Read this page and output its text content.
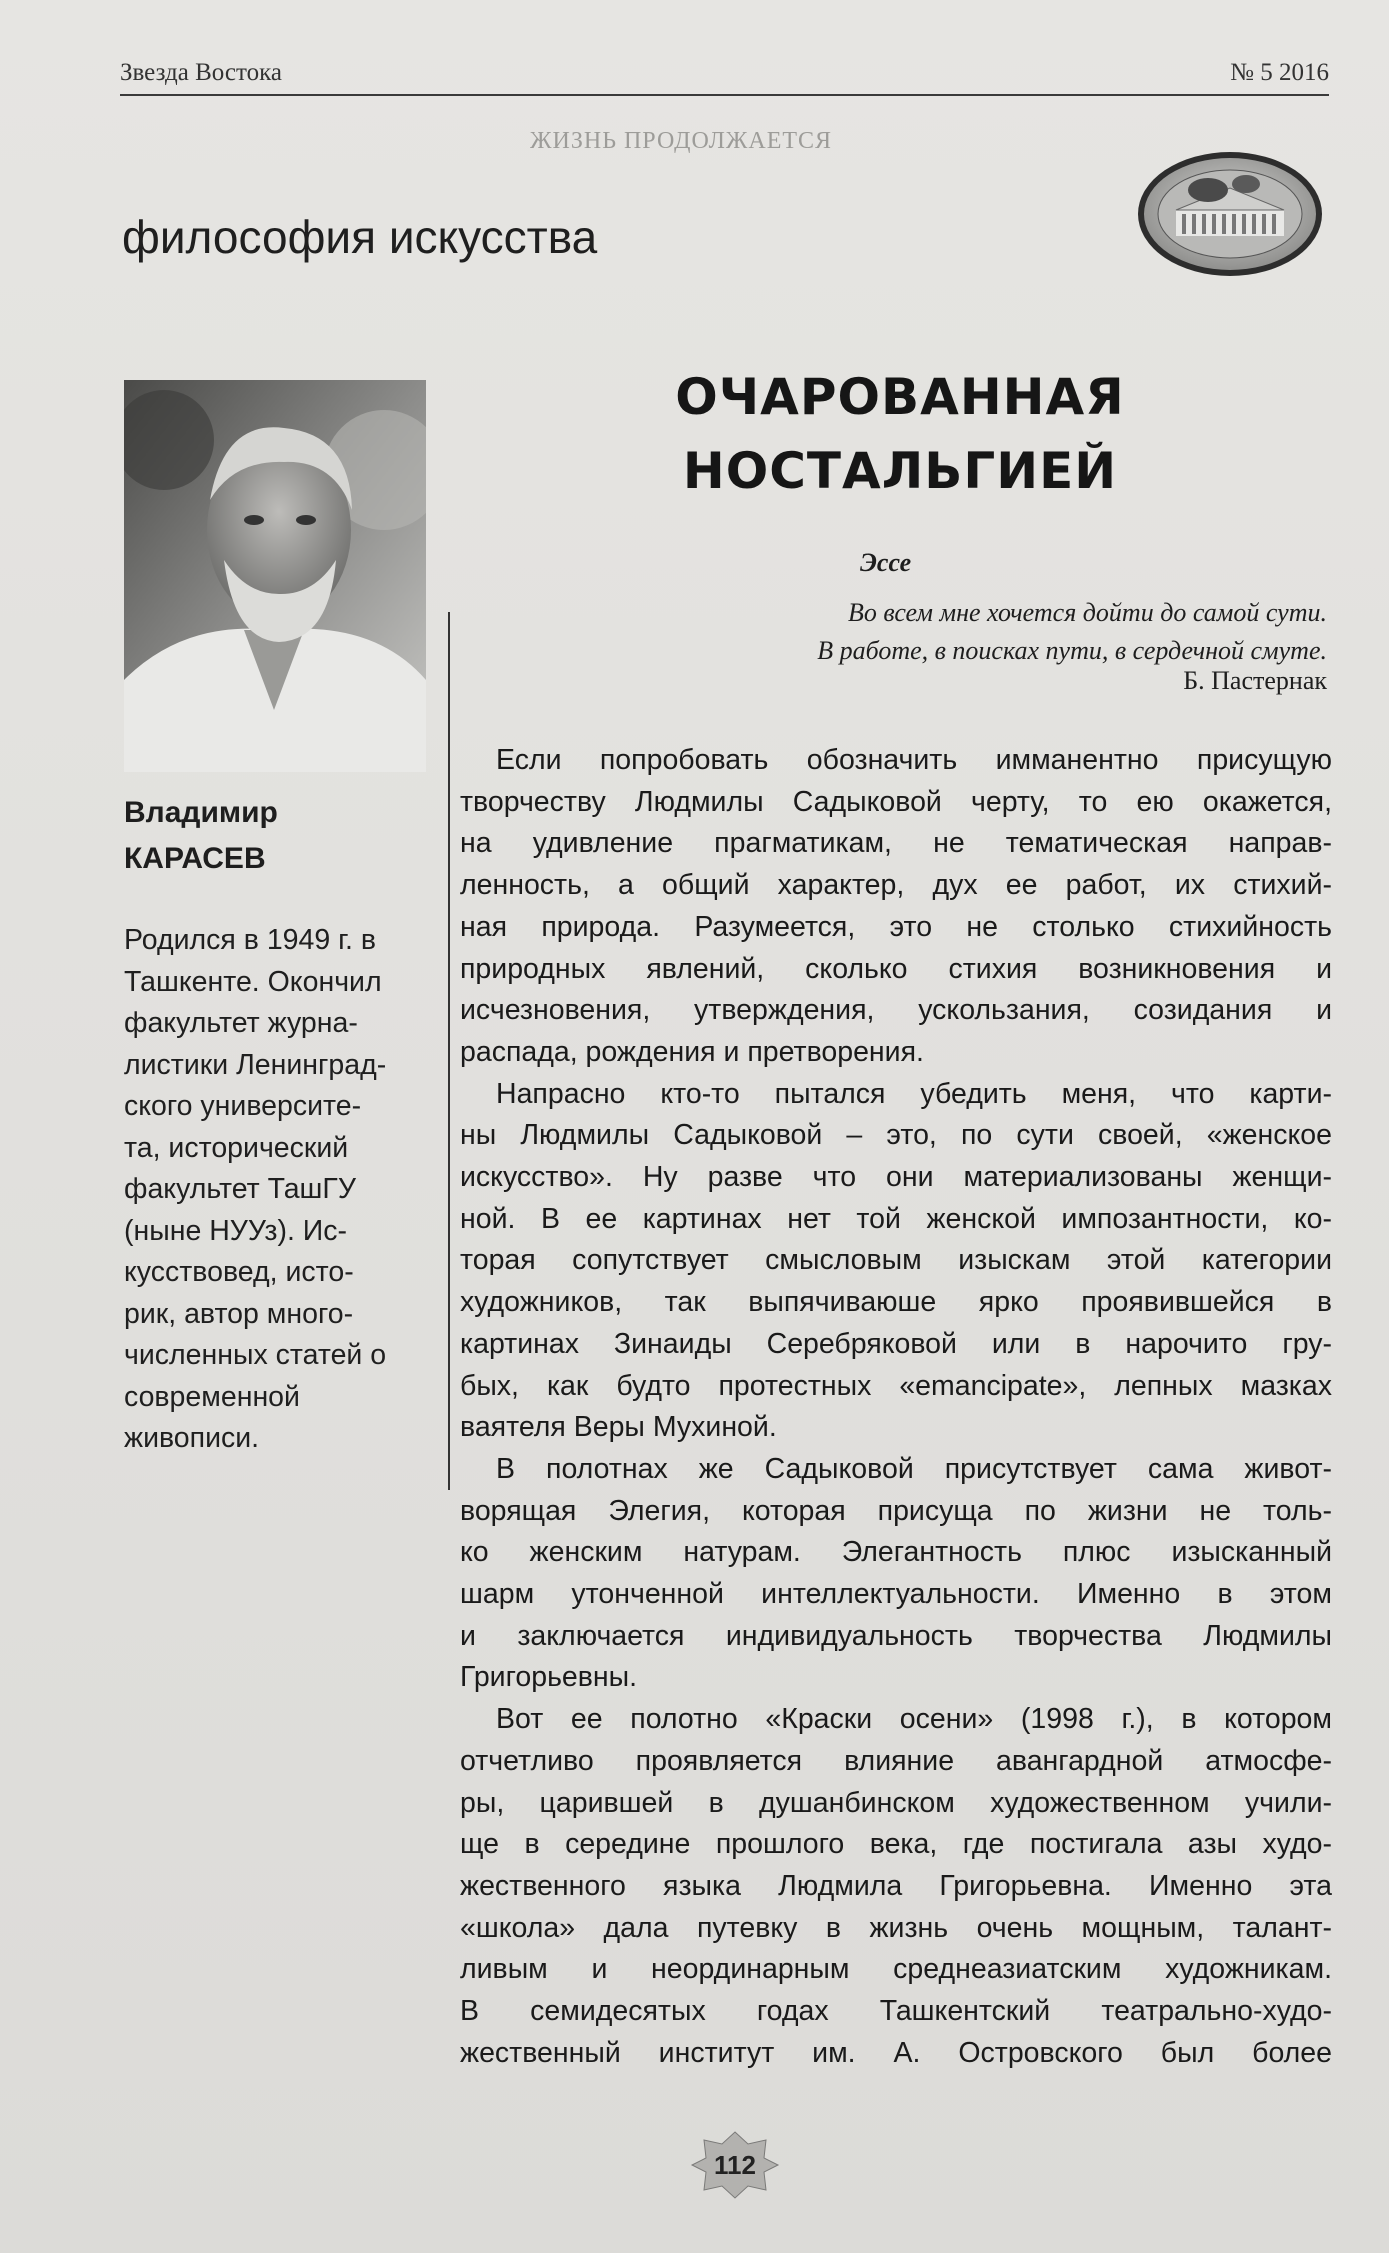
Звезда Востока	№ 5 2016
ЖИЗНЬ ПРОДОЛЖАЕТСЯ
философия искусства
ОЧАРОВАННАЯ
НОСТАЛЬГИЕЙ
Эссе
Во всем мне хочется дойти до самой сути.
В работе, в поисках пути, в сердечной смуте.
Б. Пастернак
Владимир
КАРАСЕВ
Родился в 1949 г. в
Ташкенте. Окончил
факультет журна-
листики Ленинград-
ского университе-
та, исторический
факультет ТашГУ
(ныне НУУз). Ис-
кусствовед, исто-
рик, автор много-
численных статей о
современной
живописи.
Если попробовать обозначить имманентно присущую
творчеству Людмилы Садыковой черту, то ею окажется,
на удивление прагматикам, не тематическая направ-
ленность, а общий характер, дух ее работ, их стихий-
ная природа. Разумеется, это не столько стихийность
природных явлений, сколько стихия возникновения и
исчезновения, утверждения, ускользания, созидания и
распада, рождения и претворения.
Напрасно кто-то пытался убедить меня, что карти-
ны Людмилы Садыковой – это, по сути своей, «женское
искусство». Ну разве что они материализованы женщи-
ной. В ее картинах нет той женской импозантности, ко-
торая сопутствует смысловым изыскам этой категории
художников, так выпячиваюше ярко проявившейся в
картинах Зинаиды Серебряковой или в нарочито гру-
бых, как будто протестных «emancipate», лепных мазках
ваятеля Веры Мухиной.
В полотнах же Садыковой присутствует сама живот-
ворящая Элегия, которая присуща по жизни не толь-
ко женским натурам. Элегантность плюс изысканный
шарм утонченной интеллектуальности. Именно в этом
и заключается индивидуальность творчества Людмилы
Григорьевны.
Вот ее полотно «Краски осени» (1998 г.), в котором
отчетливо проявляется влияние авангардной атмосфе-
ры, царившей в душанбинском художественном учили-
ще в середине прошлого века, где постигала азы худо-
жественного языка Людмила Григорьевна. Именно эта
«школа» дала путевку в жизнь очень мощным, талант-
ливым и неординарным среднеазиатским художникам.
В семидесятых годах Ташкентский театрально-худо-
жественный институт им. А. Островского был более
112
